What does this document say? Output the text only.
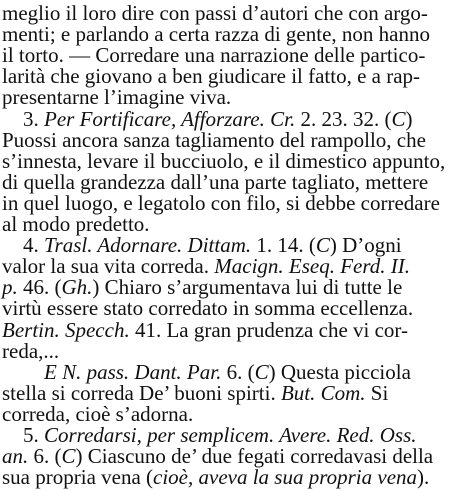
meglio il loro dire con passi d’autori che con argo-
menti; e parlando a certa razza di gente, non hanno
il torto. — Corredare una narrazione delle partico-
larità che giovano a ben giudicare il fatto, e a rap-
presentarne l’imagine viva.
3. Per Fortificare, Afforzare. Cr. 2. 23. 32. (C)
Puossi ancora sanza tagliamento del rampollo, che
s’innesta, levare il bucciuolo, e il dimestico appunto,
di quella grandezza dall’una parte tagliato, mettere
in quel luogo, e legatolo con filo, si debbe corredare
al modo predetto.
4. Trasl. Adornare. Dittam. 1. 14. (C) D’ogni
valor la sua vita correda. Macign. Eseq. Ferd. II.
p. 46. (Gh.) Chiaro s’argumentava lui di tutte le
virtù essere stato corredato in somma eccellenza.
Bertin. Specch. 41. La gran prudenza che vi cor-
reda,...
E N. pass. Dant. Par. 6. (C) Questa picciola
stella si correda De’ buoni spirti. But. Com. Si
correda, cioè s’adorna.
5. Corredarsi, per semplicem. Avere. Red. Oss.
an. 6. (C) Ciascuno de’ due fegati corredavasi della
sua propria vena (cioè, aveva la sua propria vena).
